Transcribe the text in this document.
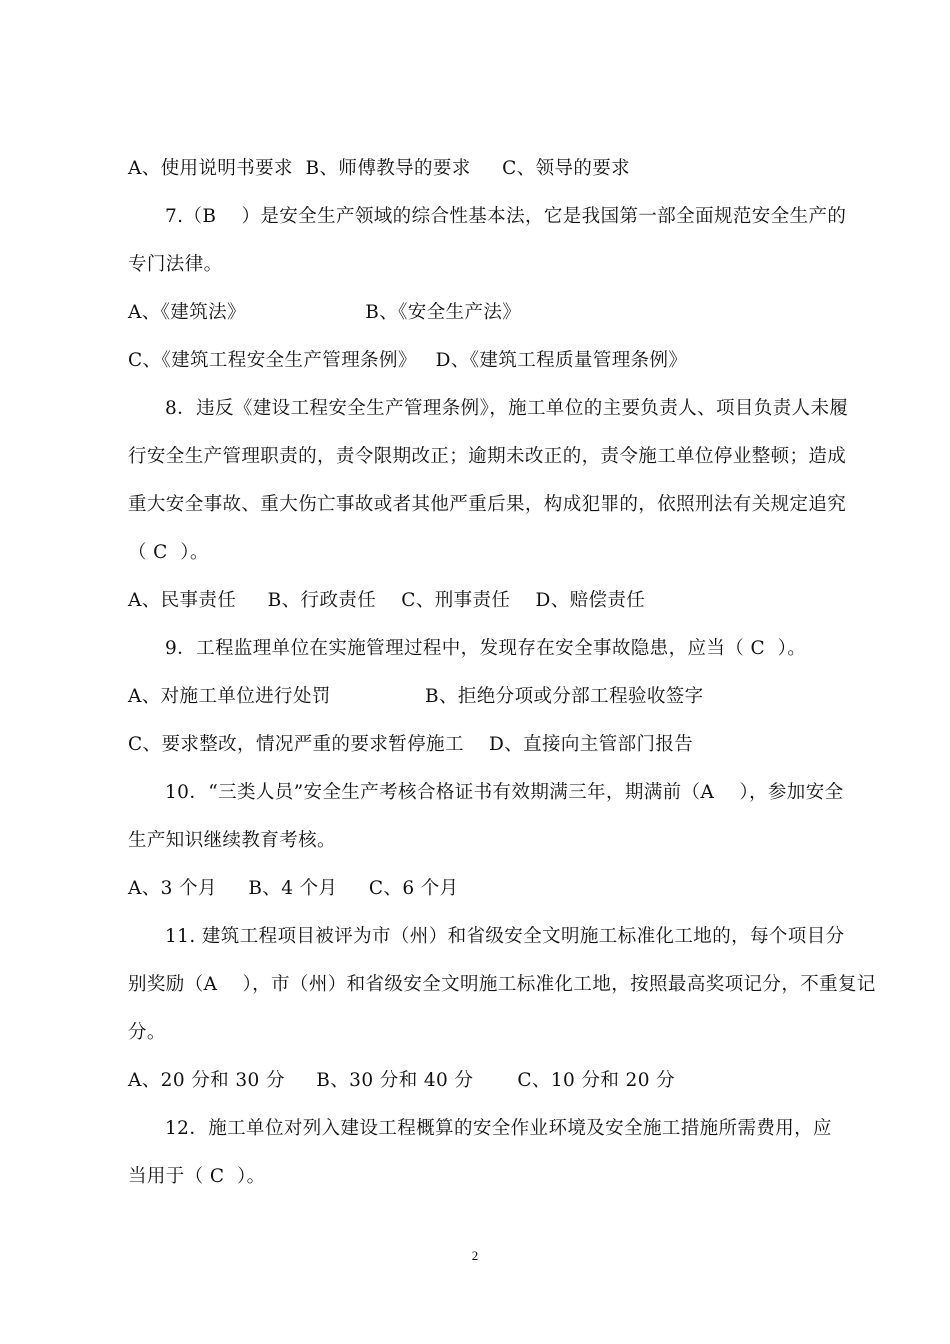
A、使用说明书要求  B、师傅教导的要求     C、领导的要求
7.（B    ）是安全生产领域的综合性基本法，它是我国第一部全面规范安全生产的
专门法律。
A、《建筑法》                   B、《安全生产法》
C、《建筑工程安全生产管理条例》   D、《建筑工程质量管理条例》
8．违反《建设工程安全生产管理条例》，施工单位的主要负责人、项目负责人未履
行安全生产管理职责的，责令限期改正；逾期未改正的，责令施工单位停业整顿；造成
重大安全事故、重大伤亡事故或者其他严重后果，构成犯罪的，依照刑法有关规定追究
（ C  ）。
A、民事责任     B、行政责任    C、刑事责任    D、赔偿责任
9．工程监理单位在实施管理过程中，发现存在安全事故隐患，应当（ C  ）。
A、对施工单位进行处罚               B、拒绝分项或分部工程验收签字
C、要求整改，情况严重的要求暂停施工    D、直接向主管部门报告
10．“三类人员”安全生产考核合格证书有效期满三年，期满前（A    ），参加安全
生产知识继续教育考核。
A、3 个月     B、4 个月     C、6 个月
11. 建筑工程项目被评为市（州）和省级安全文明施工标准化工地的，每个项目分
别奖励（A    ），市（州）和省级安全文明施工标准化工地，按照最高奖项记分，不重复记
分。
A、20 分和 30 分     B、30 分和 40 分       C、10 分和 20 分
12．施工单位对列入建设工程概算的安全作业环境及安全施工措施所需费用，应
当用于（ C  ）。
2
